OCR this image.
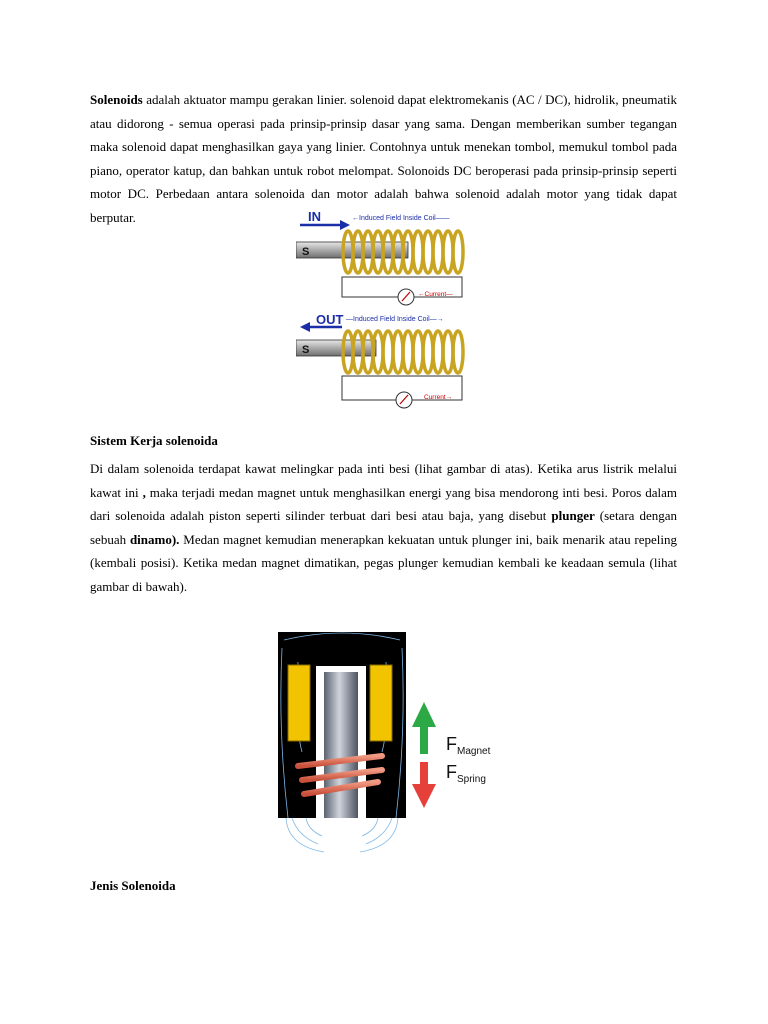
Solenoids adalah aktuator mampu gerakan linier. solenoid dapat elektromekanis (AC / DC), hidrolik, pneumatik atau didorong - semua operasi pada prinsip-prinsip dasar yang sama. Dengan memberikan sumber tegangan maka solenoid dapat menghasilkan gaya yang linier. Contohnya untuk menekan tombol, memukul tombol pada piano, operator katup, dan bahkan untuk robot melompat. Solonoids DC beroperasi pada prinsip-prinsip seperti motor DC. Perbedaan antara solenoida dan motor adalah bahwa solenoid adalah motor yang tidak dapat berputar.	IN	←Induced Field Inside Coil——
S
←Current—
OUT —Induced Field Inside Coil—→
S
Current→

Sistem Kerja solenoida

Di dalam solenoida terdapat kawat melingkar pada inti besi (lihat gambar di atas). Ketika arus listrik melalui kawat ini , maka terjadi medan magnet untuk menghasilkan energi yang bisa mendorong inti besi. Poros dalam dari solenoida adalah piston seperti silinder terbuat dari besi atau baja, yang disebut plunger (setara dengan sebuah dinamo). Medan magnet kemudian menerapkan kekuatan untuk plunger ini, baik menarik atau repeling (kembali posisi). Ketika medan magnet dimatikan, pegas plunger kemudian kembali ke keadaan semula (lihat gambar di bawah).

$F_{Magnet}$
$F_{Spring}$

Jenis Solenoida
